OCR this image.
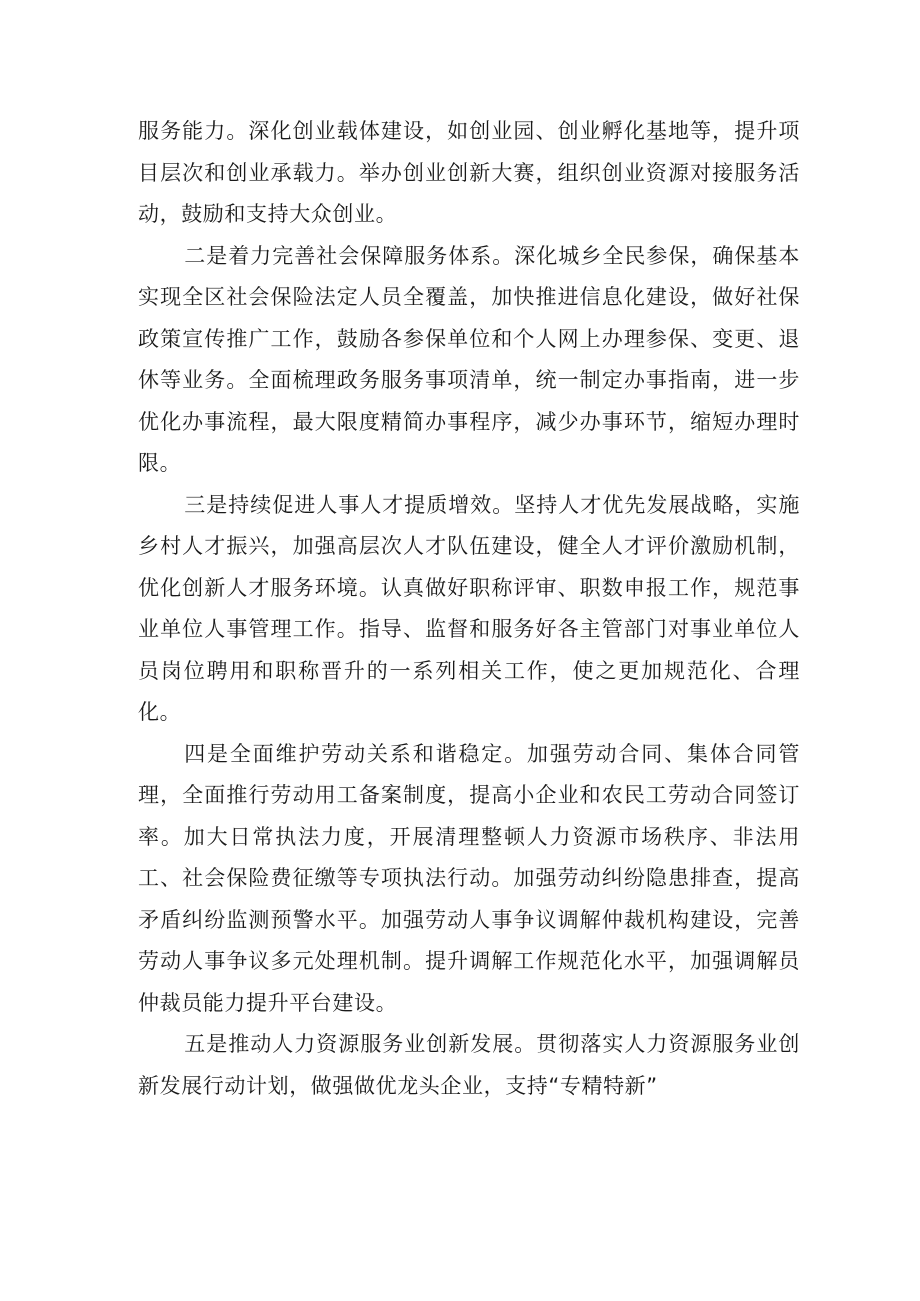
服务能力。深化创业载体建设，如创业园、创业孵化基地等，提升项目层次和创业承载力。举办创业创新大赛，组织创业资源对接服务活动，鼓励和支持大众创业。

二是着力完善社会保障服务体系。深化城乡全民参保，确保基本实现全区社会保险法定人员全覆盖，加快推进信息化建设，做好社保政策宣传推广工作，鼓励各参保单位和个人网上办理参保、变更、退休等业务。全面梳理政务服务事项清单，统一制定办事指南，进一步优化办事流程，最大限度精简办事程序，减少办事环节，缩短办理时限。

三是持续促进人事人才提质增效。坚持人才优先发展战略，实施乡村人才振兴，加强高层次人才队伍建设，健全人才评价激励机制，优化创新人才服务环境。认真做好职称评审、职数申报工作，规范事业单位人事管理工作。指导、监督和服务好各主管部门对事业单位人员岗位聘用和职称晋升的一系列相关工作，使之更加规范化、合理化。

四是全面维护劳动关系和谐稳定。加强劳动合同、集体合同管理，全面推行劳动用工备案制度，提高小企业和农民工劳动合同签订率。加大日常执法力度，开展清理整顿人力资源市场秩序、非法用工、社会保险费征缴等专项执法行动。加强劳动纠纷隐患排查，提高矛盾纠纷监测预警水平。加强劳动人事争议调解仲裁机构建设，完善劳动人事争议多元处理机制。提升调解工作规范化水平，加强调解员仲裁员能力提升平台建设。

五是推动人力资源服务业创新发展。贯彻落实人力资源服务业创新发展行动计划，做强做优龙头企业，支持“专精特新”
